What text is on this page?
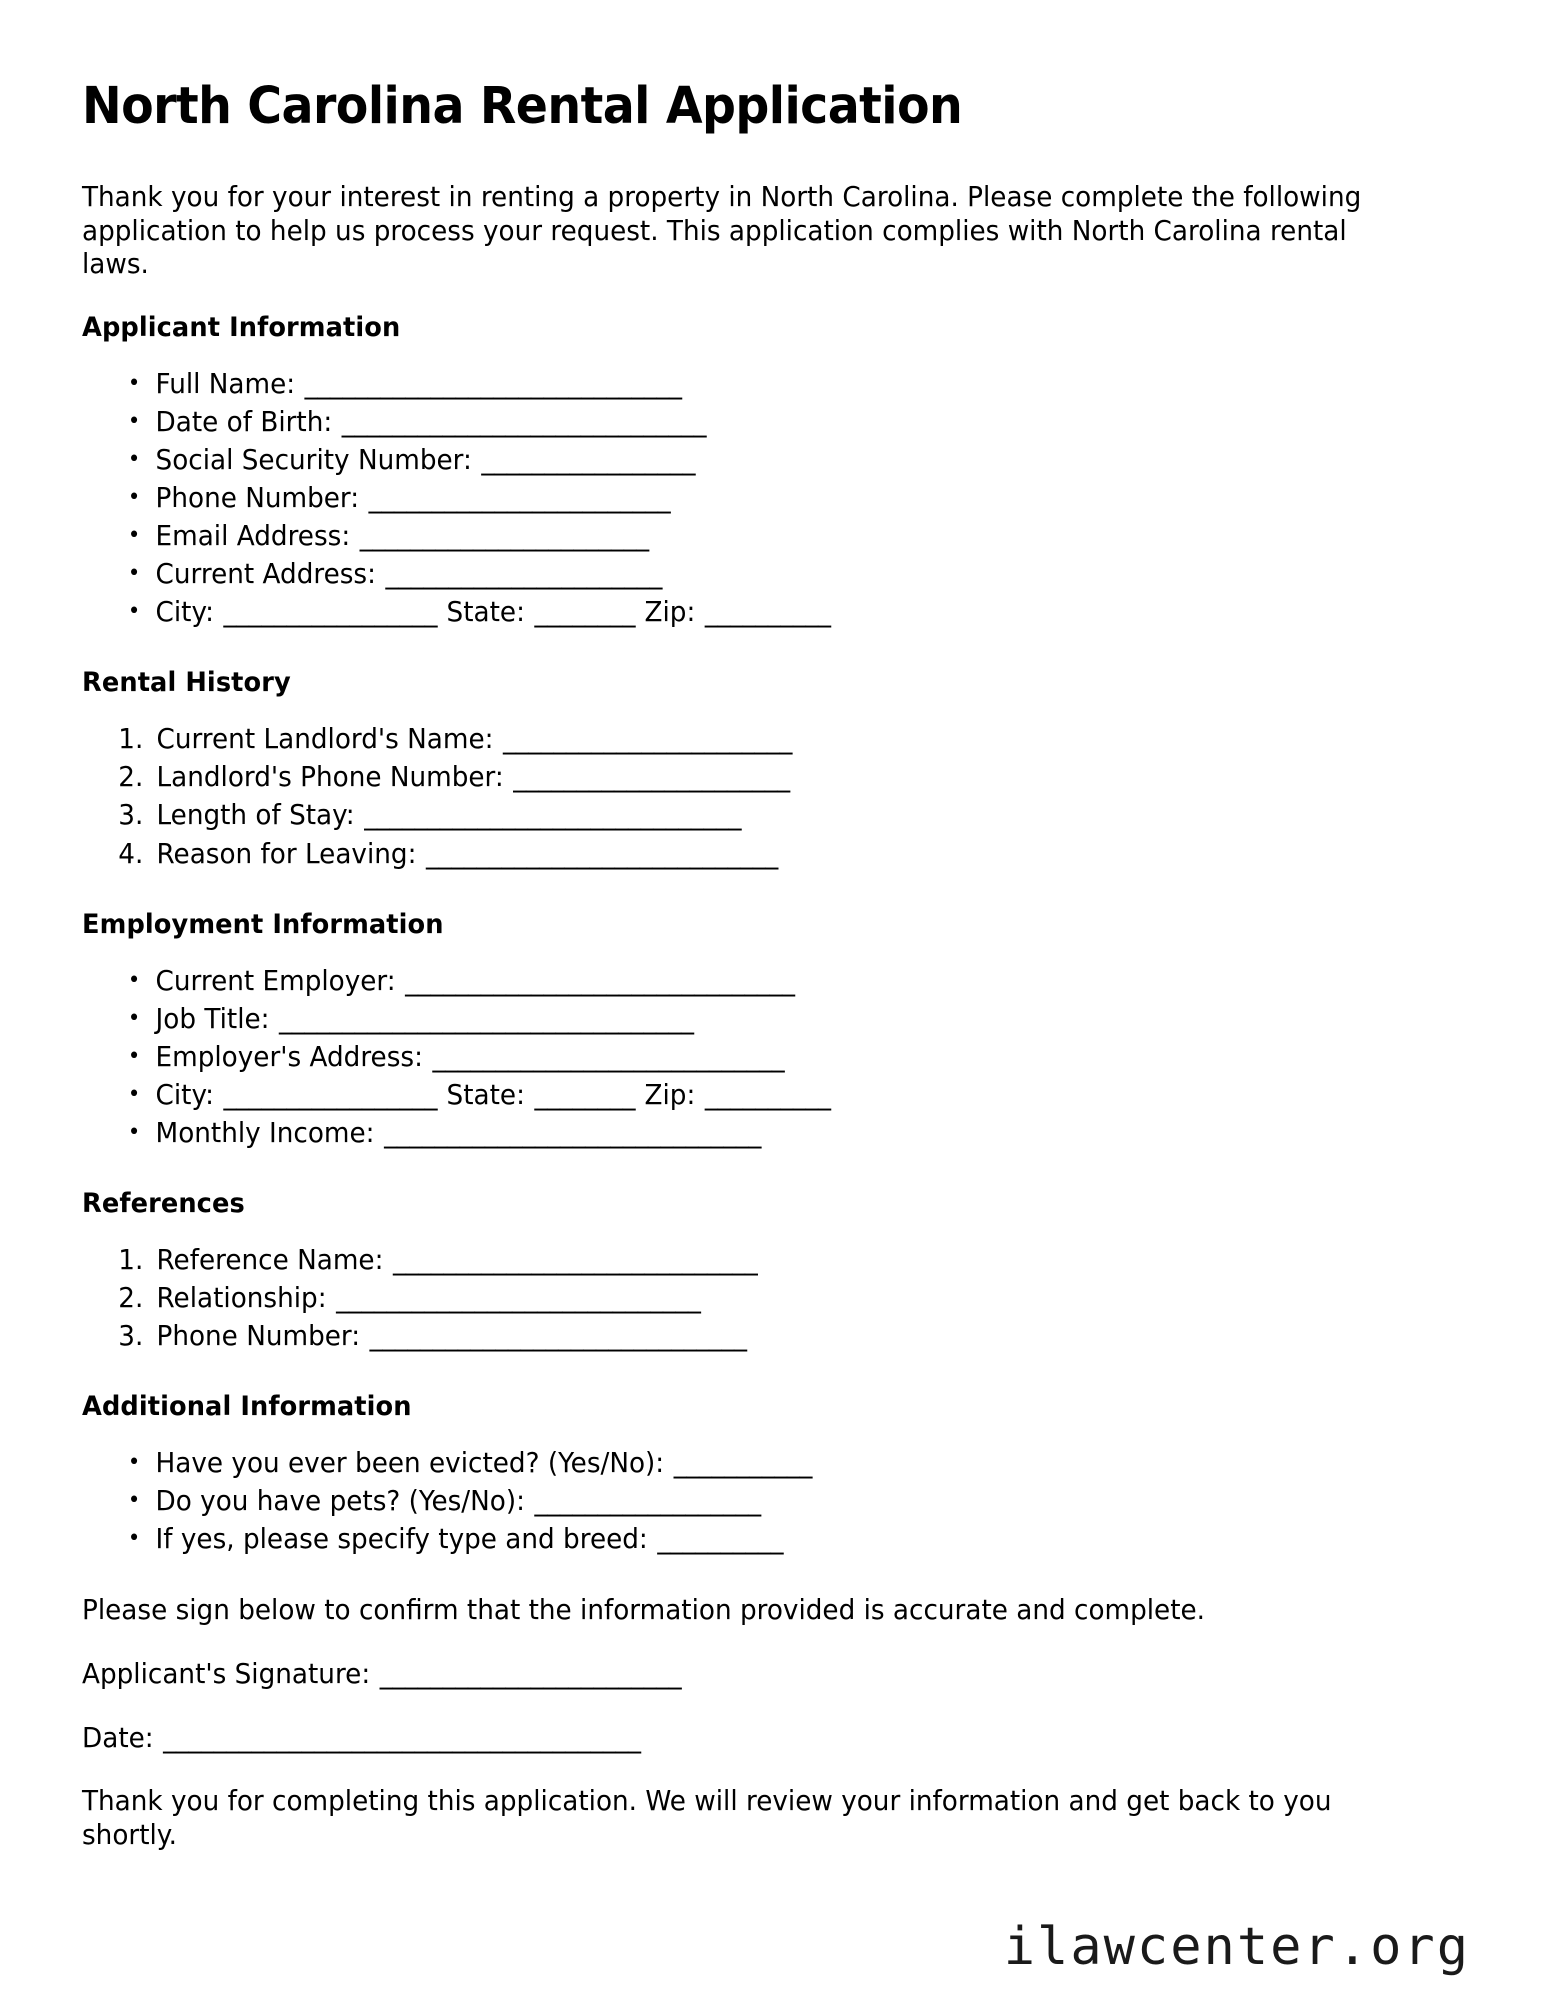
North Carolina Rental Application

Thank you for your interest in renting a property in North Carolina. Please complete the following application to help us process your request. This application complies with North Carolina rental laws.

Applicant Information
• Full Name: ______________________________
• Date of Birth: _____________________________
• Social Security Number: _________________
• Phone Number: ________________________
• Email Address: _______________________
• Current Address: ______________________
• City: _________________ State: ________ Zip: __________
Rental History
1. Current Landlord's Name: _______________________
2. Landlord's Phone Number: ______________________
3. Length of Stay: ______________________________
4. Reason for Leaving: ____________________________
Employment Information
• Current Employer: _______________________________
• Job Title: _________________________________
• Employer's Address: ____________________________
• City: _________________ State: ________ Zip: __________
• Monthly Income: ______________________________
References
1. Reference Name: _____________________________
2. Relationship: _____________________________
3. Phone Number: ______________________________
Additional Information
• Have you ever been evicted? (Yes/No): ___________
• Do you have pets? (Yes/No): __________________
• If yes, please specify type and breed: __________

Please sign below to confirm that the information provided is accurate and complete.

Applicant's Signature: ________________________
Date: ______________________________________

Thank you for completing this application. We will review your information and get back to you shortly.

ilawcenter.org
